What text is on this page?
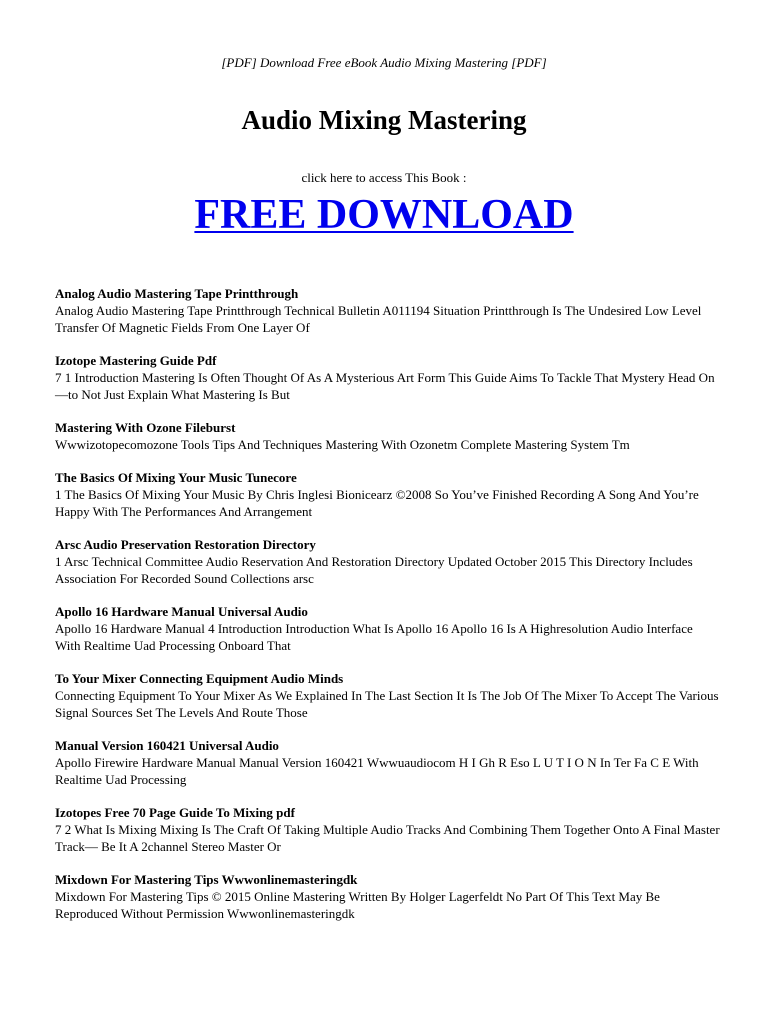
[PDF] Download Free eBook Audio Mixing Mastering [PDF]
Audio Mixing Mastering
click here to access This Book :
FREE DOWNLOAD
Analog Audio Mastering Tape Printthrough
Analog Audio Mastering Tape Printthrough Technical Bulletin A011194 Situation Printthrough Is The Undesired Low Level Transfer Of Magnetic Fields From One Layer Of
Izotope Mastering Guide Pdf
7 1 Introduction Mastering Is Often Thought Of As A Mysterious Art Form This Guide Aims To Tackle That Mystery Head On—to Not Just Explain What Mastering Is But
Mastering With Ozone Fileburst
Wwwizotopecomozone Tools Tips And Techniques Mastering With Ozonetm Complete Mastering System Tm
The Basics Of Mixing Your Music Tunecore
1 The Basics Of Mixing Your Music By Chris Inglesi Bionicearz ©2008 So You’ve Finished Recording A Song And You’re Happy With The Performances And Arrangement
Arsc Audio Preservation Restoration Directory
1 Arsc Technical Committee Audio Reservation And Restoration Directory Updated October 2015 This Directory Includes Association For Recorded Sound Collections arsc
Apollo 16 Hardware Manual Universal Audio
Apollo 16 Hardware Manual 4 Introduction Introduction What Is Apollo 16 Apollo 16 Is A Highresolution Audio Interface With Realtime Uad Processing Onboard That
To Your Mixer Connecting Equipment Audio Minds
Connecting Equipment To Your Mixer As We Explained In The Last Section It Is The Job Of The Mixer To Accept The Various Signal Sources Set The Levels And Route Those
Manual Version 160421 Universal Audio
Apollo Firewire Hardware Manual Manual Version 160421 Wwwuaudiocom H I Gh R Eso L U T I O N In Ter Fa C E With Realtime Uad Processing
Izotopes Free 70 Page Guide To Mixing pdf
7 2 What Is Mixing Mixing Is The Craft Of Taking Multiple Audio Tracks And Combining Them Together Onto A Final Master Track— Be It A 2channel Stereo Master Or
Mixdown For Mastering Tips Wwwonlinemasteringdk
Mixdown For Mastering Tips © 2015 Online Mastering Written By Holger Lagerfeldt No Part Of This Text May Be Reproduced Without Permission Wwwonlinemasteringdk
